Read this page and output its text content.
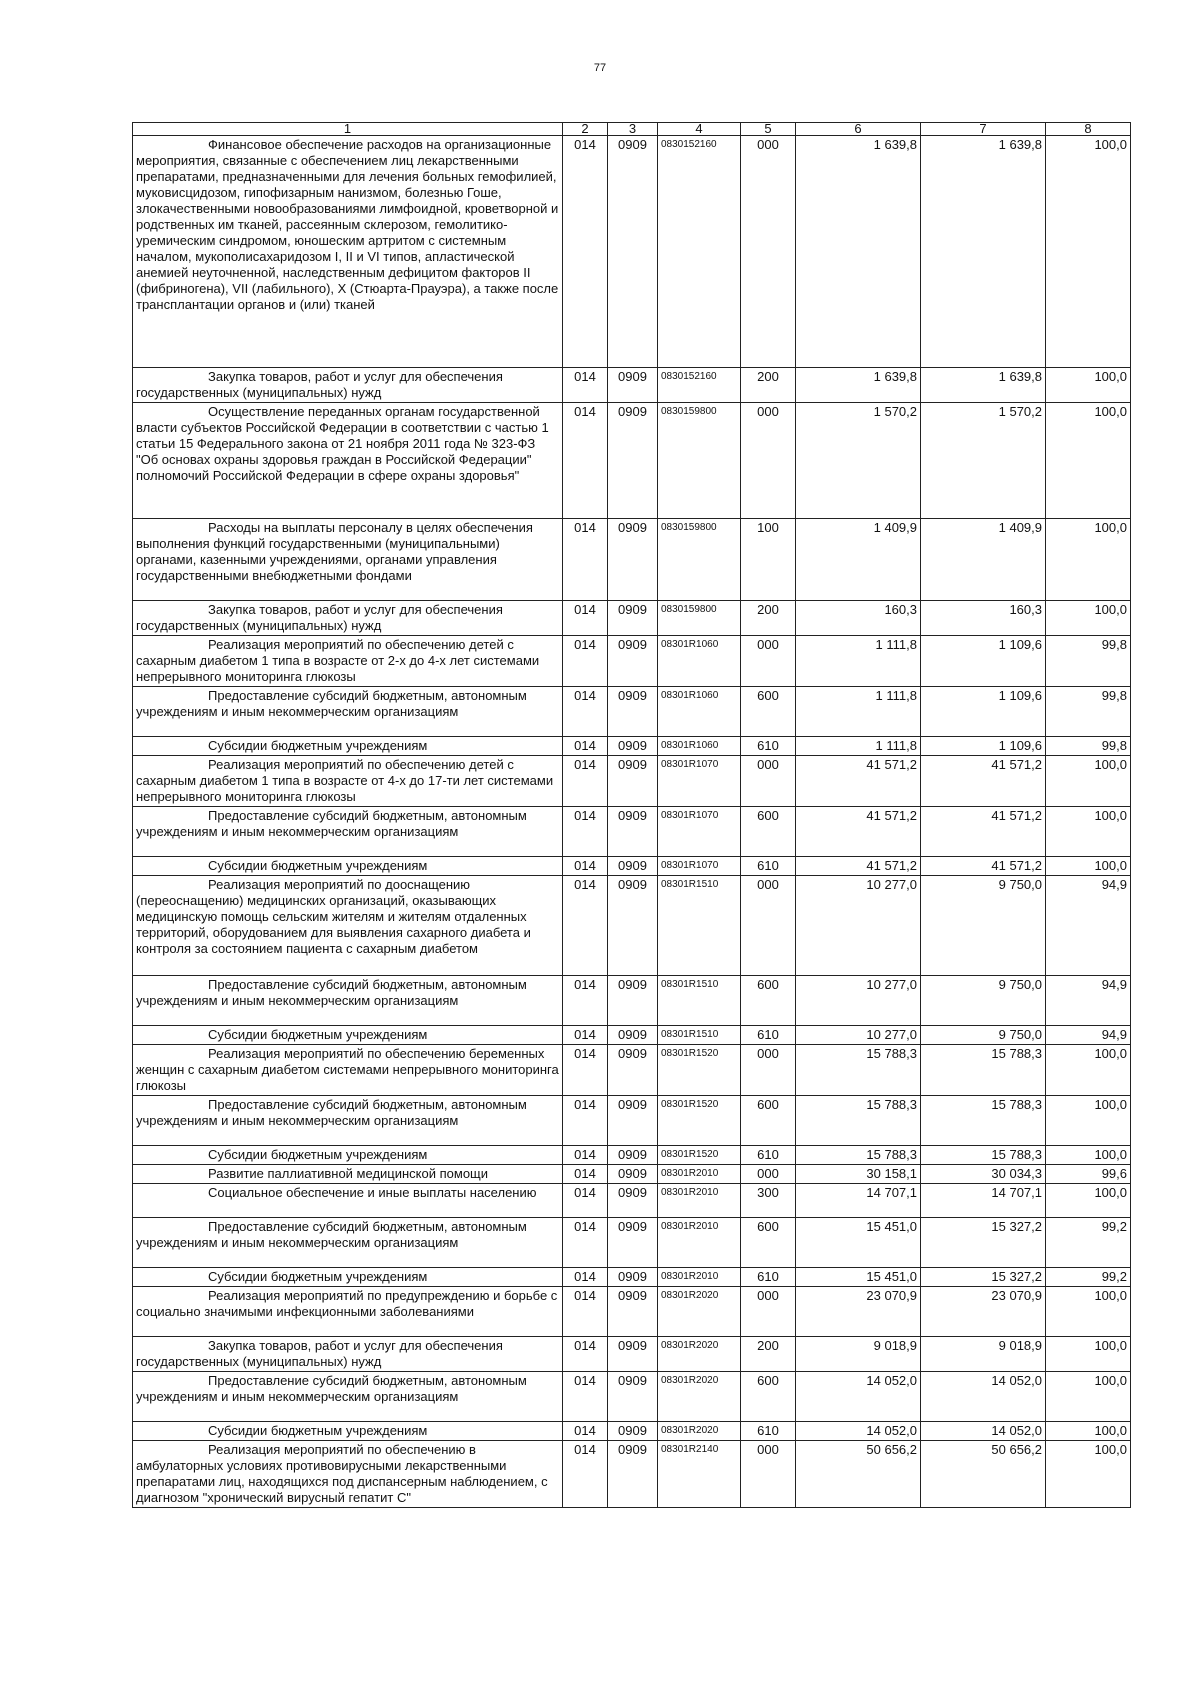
77
1	2	3	4	5	6	7	8
Финансовое обеспечение расходов на организационные мероприятия, связанные с обеспечением лиц лекарственными препаратами, предназначенными для лечения больных гемофилией, муковисцидозом, гипофизарным нанизмом, болезнью Гоше, злокачественными новообразованиями лимфоидной, кроветворной и родственных им тканей, рассеянным склерозом, гемолитико-уремическим синдромом, юношеским артритом с системным началом, мукополисахаридозом I, II и VI типов, апластической анемией неуточненной, наследственным дефицитом факторов II (фибриногена), VII (лабильного), X (Стюарта-Прауэра), а также после трансплантации органов и (или) тканей	014	0909	0830152160	000	1 639,8	1 639,8	100,0
Закупка товаров, работ и услуг для обеспечения государственных (муниципальных) нужд	014	0909	0830152160	200	1 639,8	1 639,8	100,0
Осуществление переданных органам государственной власти субъектов Российской Федерации в соответствии с частью 1 статьи 15 Федерального закона от 21 ноября 2011 года № 323-ФЗ "Об основах охраны здоровья граждан в Российской Федерации" полномочий Российской Федерации в сфере охраны здоровья"	014	0909	0830159800	000	1 570,2	1 570,2	100,0
Расходы на выплаты персоналу в целях обеспечения выполнения функций государственными (муниципальными) органами, казенными учреждениями, органами управления государственными внебюджетными фондами	014	0909	0830159800	100	1 409,9	1 409,9	100,0
Закупка товаров, работ и услуг для обеспечения государственных (муниципальных) нужд	014	0909	0830159800	200	160,3	160,3	100,0
Реализация мероприятий по обеспечению детей с сахарным диабетом 1 типа в возрасте от 2-х до 4-х лет системами непрерывного мониторинга глюкозы	014	0909	08301R1060	000	1 111,8	1 109,6	99,8
Предоставление субсидий бюджетным, автономным учреждениям и иным некоммерческим организациям	014	0909	08301R1060	600	1 111,8	1 109,6	99,8
Субсидии бюджетным учреждениям	014	0909	08301R1060	610	1 111,8	1 109,6	99,8
Реализация мероприятий по обеспечению детей с сахарным диабетом 1 типа в возрасте от 4-х до 17-ти лет системами непрерывного мониторинга глюкозы	014	0909	08301R1070	000	41 571,2	41 571,2	100,0
Предоставление субсидий бюджетным, автономным учреждениям и иным некоммерческим организациям	014	0909	08301R1070	600	41 571,2	41 571,2	100,0
Субсидии бюджетным учреждениям	014	0909	08301R1070	610	41 571,2	41 571,2	100,0
Реализация мероприятий по дооснащению (переоснащению) медицинских организаций, оказывающих медицинскую помощь сельским жителям и жителям отдаленных территорий, оборудованием для выявления сахарного диабета и контроля за состоянием пациента с сахарным диабетом	014	0909	08301R1510	000	10 277,0	9 750,0	94,9
Предоставление субсидий бюджетным, автономным учреждениям и иным некоммерческим организациям	014	0909	08301R1510	600	10 277,0	9 750,0	94,9
Субсидии бюджетным учреждениям	014	0909	08301R1510	610	10 277,0	9 750,0	94,9
Реализация мероприятий по обеспечению беременных женщин с сахарным диабетом системами непрерывного мониторинга глюкозы	014	0909	08301R1520	000	15 788,3	15 788,3	100,0
Предоставление субсидий бюджетным, автономным учреждениям и иным некоммерческим организациям	014	0909	08301R1520	600	15 788,3	15 788,3	100,0
Субсидии бюджетным учреждениям	014	0909	08301R1520	610	15 788,3	15 788,3	100,0
Развитие паллиативной медицинской помощи	014	0909	08301R2010	000	30 158,1	30 034,3	99,6
Социальное обеспечение и иные выплаты населению	014	0909	08301R2010	300	14 707,1	14 707,1	100,0
Предоставление субсидий бюджетным, автономным учреждениям и иным некоммерческим организациям	014	0909	08301R2010	600	15 451,0	15 327,2	99,2
Субсидии бюджетным учреждениям	014	0909	08301R2010	610	15 451,0	15 327,2	99,2
Реализация мероприятий по предупреждению и борьбе с социально значимыми инфекционными заболеваниями	014	0909	08301R2020	000	23 070,9	23 070,9	100,0
Закупка товаров, работ и услуг для обеспечения государственных (муниципальных) нужд	014	0909	08301R2020	200	9 018,9	9 018,9	100,0
Предоставление субсидий бюджетным, автономным учреждениям и иным некоммерческим организациям	014	0909	08301R2020	600	14 052,0	14 052,0	100,0
Субсидии бюджетным учреждениям	014	0909	08301R2020	610	14 052,0	14 052,0	100,0
Реализация мероприятий по обеспечению в амбулаторных условиях противовирусными лекарственными препаратами лиц, находящихся под диспансерным наблюдением, с диагнозом "хронический вирусный гепатит С"	014	0909	08301R2140	000	50 656,2	50 656,2	100,0
